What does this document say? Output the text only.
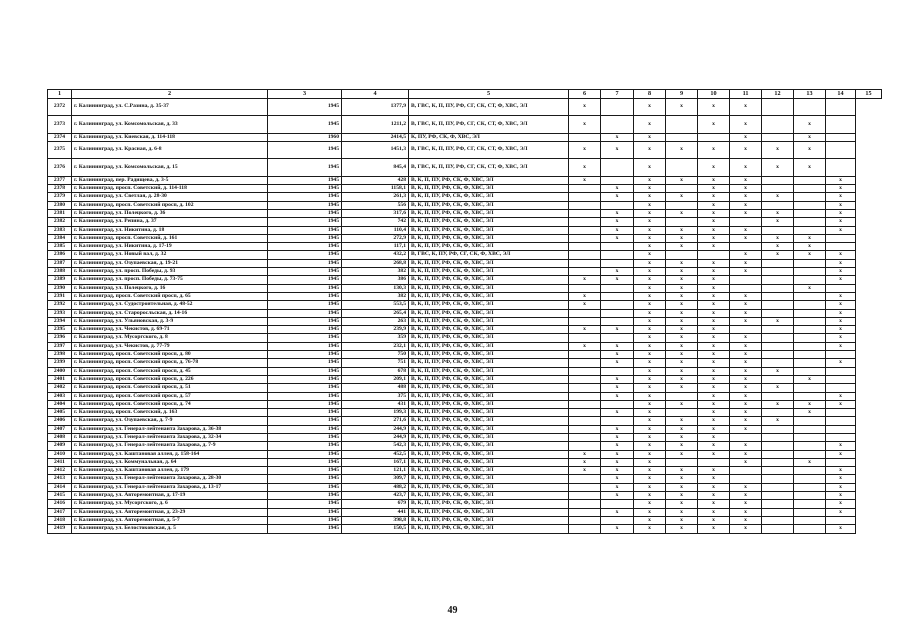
1	2	3	4	5	6	7	8	9	10	11	12	13	14	15
2372	г. Калининград, ул. С.Разина, д. 35-37	1945	1377,9	В, ГВС, К, П, ПУ, РФ, СГ, СК, СТ, Ф, ХВС, ЭЛ	х		х	х	х	х				
2373	г. Калининград, ул. Комсомольская, д. 33	1945	1211,2	В, ГВС, К, П, ПУ, РФ, СГ, СК, СТ, Ф, ХВС, ЭЛ	х		х		х	х		х		
2374	г. Калининград, ул. Киевская, д. 114-118	1960	2414,5	К, ПУ, РФ, СК, Ф, ХВС, ЭЛ		х	х			х		х		
2375	г. Калининград, ул. Красная, д. 6-8	1945	1451,3	В, ГВС, К, П, ПУ, РФ, СГ, СК, СТ, Ф, ХВС, ЭЛ	х	х	х	х	х	х	х	х		
2376	г. Калининград, ул. Комсомольская, д. 15	1945	845,4	В, ГВС, К, П, ПУ, РФ, СГ, СК, СТ, Ф, ХВС, ЭЛ	х		х		х	х	х	х		
2377	г. Калининград, пер. Радищева, д. 3-5	1945	428	В, К, П, ПУ, РФ, СК, Ф, ХВС, ЭЛ	х		х	х	х	х			х	
2378	г. Калининград, просп. Советский, д. 114-118	1945	1158,1	В, К, П, ПУ, РФ, СК, Ф, ХВС, ЭЛ		х	х		х	х			х	
2379	г. Калининград, ул. Светлая, д. 28-30	1945	261,3	В, К, П, ПУ, РФ, СК, Ф, ХВС, ЭЛ		х	х	х	х	х	х		х	
2380	г. Калининград, просп. Советский просп, д. 102	1945	556	В, К, П, ПУ, РФ, СК, Ф, ХВС, ЭЛ			х		х	х			х	
2381	г. Калининград, ул. Полецкого, д. 36	1945	317,6	В, К, П, ПУ, РФ, СК, Ф, ХВС, ЭЛ		х	х	х	х	х	х		х	
2382	г. Калининград, ул. Репина, д. 37	1945	742	В, К, П, ПУ, РФ, СК, Ф, ХВС, ЭЛ		х	х		х		х		х	
2383	г. Калининград, ул. Никитина, д. 18	1945	110,4	В, К, П, ПУ, РФ, СК, Ф, ХВС, ЭЛ		х	х	х	х	х			х	
2384	г. Калининград, просп. Советский, д. 161	1945	272,9	В, К, П, ПУ, РФ, СК, Ф, ХВС, ЭЛ		х	х	х	х	х	х	х		
2385	г. Калининград, ул. Никитина, д. 17-19	1945	117,1	В, К, П, ПУ, РФ, СК, Ф, ХВС, ЭЛ			х	х	х		х	х		
2386	г. Калининград, ул. Новый вал, д. 32	1945	432,2	В, ГВС, К, ПУ, РФ, СГ, СК, Ф, ХВС, ЭЛ			х			х	х	х	х	
2387	г. Калининград, ул. Озупаевская, д. 19-21	1945	268,8	В, К, П, ПУ, РФ, СК, Ф, ХВС, ЭЛ			х	х	х	х			х	
2388	г. Калининград, ул. просп. Победы, д. 93	1945	382	В, К, П, ПУ, РФ, СК, Ф, ХВС, ЭЛ		х	х	х	х	х			х	
2389	г. Калининград, ул. просп. Победы, д. 73-75	1945	386	В, К, П, ПУ, РФ, СК, Ф, ХВС, ЭЛ	х	х	х	х	х				х	
2390	г. Калининград, ул. Полецкого, д. 16	1945	130,3	В, К, П, ПУ, РФ, СК, Ф, ХВС, ЭЛ			х	х	х			х		
2391	г. Калининград, просп. Советский просп, д. 65	1945	382	В, К, П, ПУ, РФ, СК, Ф, ХВС, ЭЛ	х		х	х	х	х			х	
2392	г. Калининград, ул. Судостроительная, д. 48-52	1945	553,5	В, К, П, ПУ, РФ, СК, Ф, ХВС, ЭЛ	х		х	х	х	х			х	
2393	г. Калининград, ул. Староросльская, д. 14-16	1945	265,4	В, К, П, ПУ, РФ, СК, Ф, ХВС, ЭЛ			х	х	х	х			х	
2394	г. Калининград, ул. Ульяновская, д. 3-9	1945	263	В, К, П, ПУ, РФ, СК, Ф, ХВС, ЭЛ			х	х	х	х	х		х	
2395	г. Калининград, ул. Чекистов, д. 69-71	1945	239,9	В, К, П, ПУ, РФ, СК, Ф, ХВС, ЭЛ	х	х	х	х	х				х	
2396	г. Калининград, ул. Мусоргского, д. 8	1945	359	В, К, П, ПУ, РФ, СК, Ф, ХВС, ЭЛ			х	х	х	х			х	
2397	г. Калининград, ул. Чекистов, д. 77-79	1945	232,1	В, К, П, ПУ, РФ, СК, Ф, ХВС, ЭЛ	х	х	х	х	х	х			х	
2398	г. Калининград, просп. Советский просп, д. 80	1945	750	В, К, П, ПУ, РФ, СК, Ф, ХВС, ЭЛ		х	х	х	х	х				
2399	г. Калининград, просп. Советский просп, д. 76-78	1945	751	В, К, П, ПУ, РФ, СК, Ф, ХВС, ЭЛ		х	х	х	х	х			х	
2400	г. Калининград, просп. Советский просп, д. 45	1945	678	В, К, П, ПУ, РФ, СК, Ф, ХВС, ЭЛ			х	х	х	х	х			
2401	г. Калининград, просп. Советский просп, д. 226	1945	209,1	В, К, П, ПУ, РФ, СК, Ф, ХВС, ЭЛ		х	х	х	х	х		х		
2402	г. Калининград, просп. Советский просп, д. 51	1945	488	В, К, П, ПУ, РФ, СК, Ф, ХВС, ЭЛ		х	х	х	х	х	х			
2403	г. Калининград, просп. Советский просп, д. 57	1945	375	В, К, П, ПУ, РФ, СК, Ф, ХВС, ЭЛ		х	х		х	х			х	
2404	г. Калининград, просп. Советский просп, д. 74	1945	431	В, К, П, ПУ, РФ, СК, Ф, ХВС, ЭЛ			х	х	х	х	х	х	х	
2405	г. Калининград, просп. Советский, д. 163	1945	199,3	В, К, П, ПУ, РФ, СК, Ф, ХВС, ЭЛ		х	х		х	х		х		
2406	г. Калининград, ул. Озупаевская, д. 7-9	1945	271,6	В, К, П, ПУ, РФ, СК, Ф, ХВС, ЭЛ			х	х	х	х	х			
2407	г. Калининград, ул. Генерал-лейтенанта Захарова, д. 36-38	1945	244,9	В, К, П, ПУ, РФ, СК, Ф, ХВС, ЭЛ		х	х	х	х	х				
2408	г. Калининград, ул. Генерал-лейтенанта Захарова, д. 32-34	1945	244,9	В, К, П, ПУ, РФ, СК, Ф, ХВС, ЭЛ		х	х	х	х					
2409	г. Калининград, ул. Генерал-лейтенанта Захарова, д. 7-9	1945	542,3	В, К, П, ПУ, РФ, СК, Ф, ХВС, ЭЛ		х	х	х	х	х			х	
2410	г. Калининград, ул. Каштановая аллея, д. 158-164	1945	452,5	В, К, П, ПУ, РФ, СК, Ф, ХВС, ЭЛ	х	х	х	х	х	х			х	
2411	г. Калининград, ул. Коммунальная, д. 64	1945	167,1	В, К, П, ПУ, РФ, СК, Ф, ХВС, ЭЛ	х	х	х			х		х		
2412	г. Калининград, ул. Каштановая аллея, д. 179	1945	121,1	В, К, П, ПУ, РФ, СК, Ф, ХВС, ЭЛ	х	х	х	х	х				х	
2413	г. Калининград, ул. Генерал-лейтенанта Захарова, д. 28-30	1945	309,7	В, К, П, ПУ, РФ, СК, Ф, ХВС, ЭЛ		х	х	х	х				х	
2414	г. Калининград, ул. Генерал-лейтенанта Захарова, д. 13-17	1945	488,2	В, К, П, ПУ, РФ, СК, Ф, ХВС, ЭЛ		х	х	х	х	х			х	
2415	г. Калининград, ул. Авторемонтная, д. 17-19	1945	423,7	В, К, П, ПУ, РФ, СК, Ф, ХВС, ЭЛ		х	х	х	х	х			х	
2416	г. Калининград, ул. Мусоргского, д. 6	1945	679	В, К, П, ПУ, РФ, СК, Ф, ХВС, ЭЛ			х	х	х	х			х	
2417	г. Калининград, ул. Авторемонтная, д. 23-29	1945	441	В, К, П, ПУ, РФ, СК, Ф, ХВС, ЭЛ		х	х	х	х	х			х	
2418	г. Калининград, ул. Авторемонтная, д. 5-7	1945	398,8	В, К, П, ПУ, РФ, СК, Ф, ХВС, ЭЛ			х	х	х	х				
2419	г. Калининград, ул. Белостоковская, д. 5	1945	150,5	В, К, П, ПУ, РФ, СК, Ф, ХВС, ЭЛ		х	х	х	х	х			х	
49
